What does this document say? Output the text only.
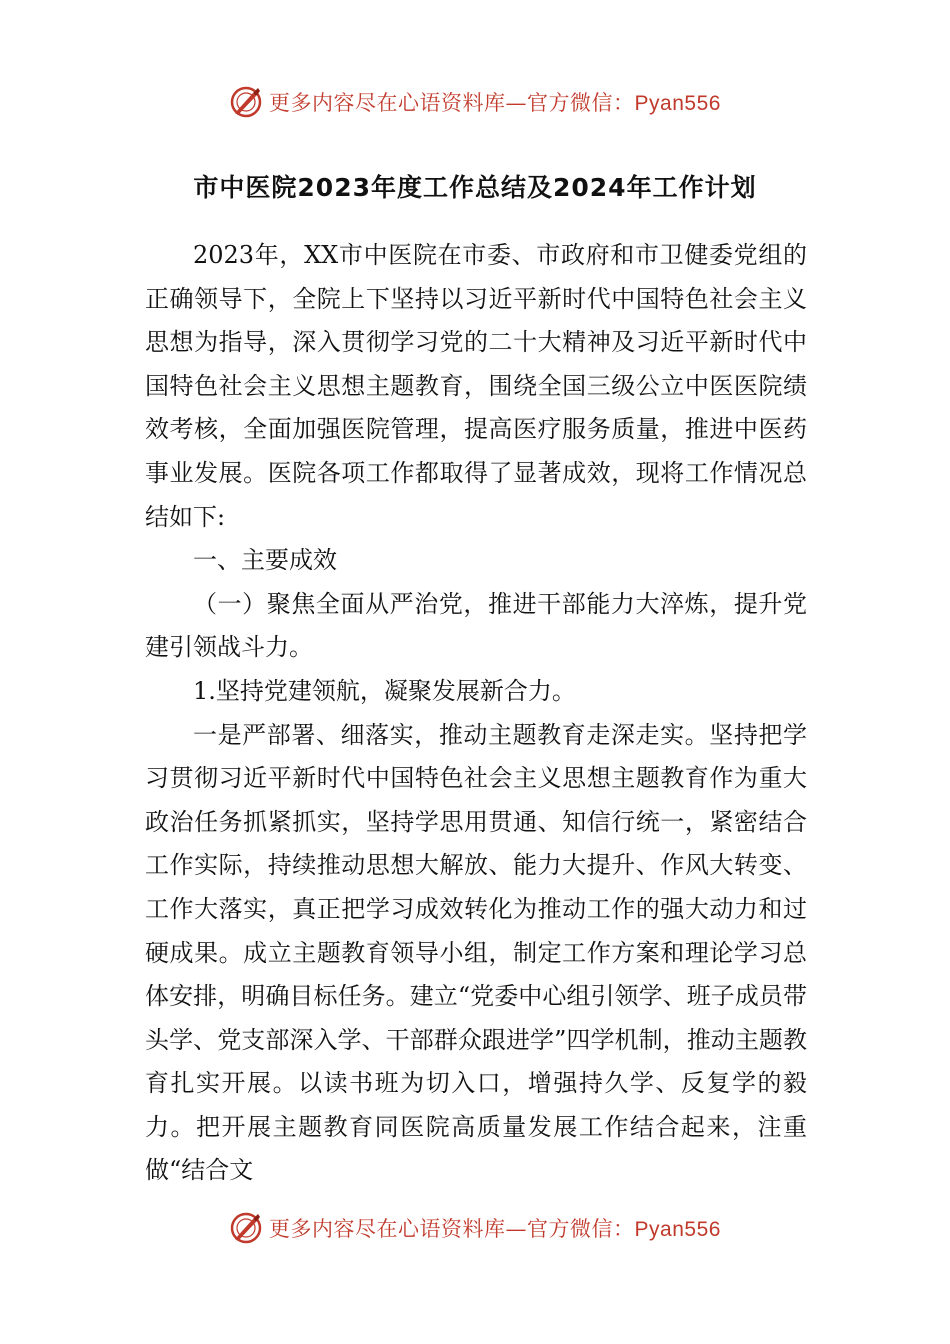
更多内容尽在心语资料库—官方微信：Pyan556
市中医院2023年度工作总结及2024年工作计划

2023年，XX市中医院在市委、市政府和市卫健委党组的正确领导下，全院上下坚持以习近平新时代中国特色社会主义思想为指导，深入贯彻学习党的二十大精神及习近平新时代中国特色社会主义思想主题教育，围绕全国三级公立中医医院绩效考核，全面加强医院管理，提高医疗服务质量，推进中医药事业发展。医院各项工作都取得了显著成效，现将工作情况总结如下:

一、主要成效

（一）聚焦全面从严治党，推进干部能力大淬炼，提升党建引领战斗力。

1.坚持党建领航，凝聚发展新合力。

一是严部署、细落实，推动主题教育走深走实。坚持把学习贯彻习近平新时代中国特色社会主义思想主题教育作为重大政治任务抓紧抓实，坚持学思用贯通、知信行统一，紧密结合工作实际，持续推动思想大解放、能力大提升、作风大转变、工作大落实，真正把学习成效转化为推动工作的强大动力和过硬成果。成立主题教育领导小组，制定工作方案和理论学习总体安排，明确目标任务。建立“党委中心组引领学、班子成员带头学、党支部深入学、干部群众跟进学”四学机制，推动主题教育扎实开展。以读书班为切入口，增强持久学、反复学的毅力。把开展主题教育同医院高质量发展工作结合起来，注重做“结合文

更多内容尽在心语资料库—官方微信：Pyan556
